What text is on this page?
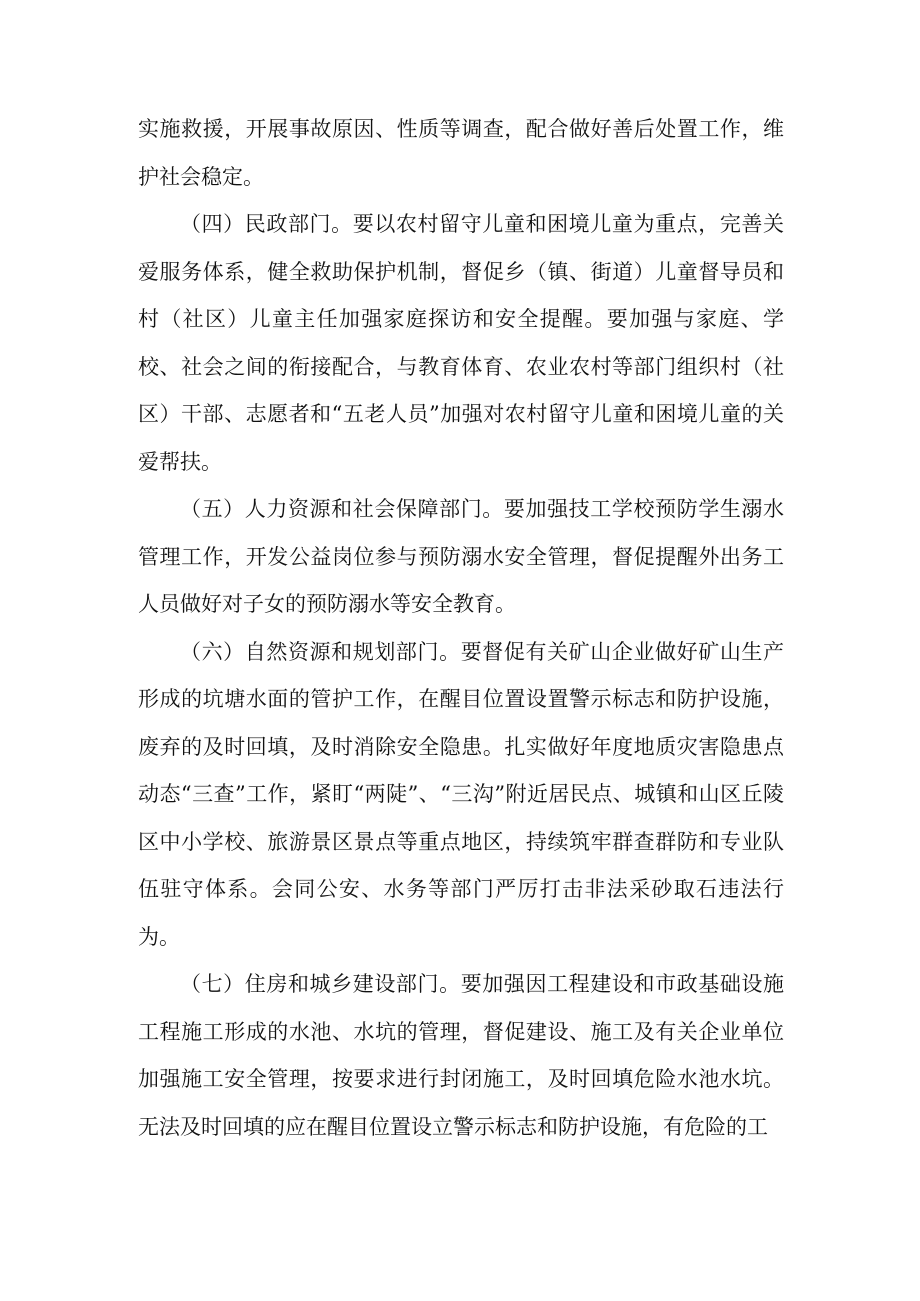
实施救援，开展事故原因、性质等调查，配合做好善后处置工作，维护社会稳定。

（四）民政部门。要以农村留守儿童和困境儿童为重点，完善关爱服务体系，健全救助保护机制，督促乡（镇、街道）儿童督导员和村（社区）儿童主任加强家庭探访和安全提醒。要加强与家庭、学校、社会之间的衔接配合，与教育体育、农业农村等部门组织村（社区）干部、志愿者和“五老人员”加强对农村留守儿童和困境儿童的关爱帮扶。

（五）人力资源和社会保障部门。要加强技工学校预防学生溺水管理工作，开发公益岗位参与预防溺水安全管理，督促提醒外出务工人员做好对子女的预防溺水等安全教育。

（六）自然资源和规划部门。要督促有关矿山企业做好矿山生产形成的坑塘水面的管护工作，在醒目位置设置警示标志和防护设施，废弃的及时回填，及时消除安全隐患。扎实做好年度地质灾害隐患点动态“三查”工作，紧盯“两陡”、“三沟”附近居民点、城镇和山区丘陵区中小学校、旅游景区景点等重点地区，持续筑牢群查群防和专业队伍驻守体系。会同公安、水务等部门严厉打击非法采砂取石违法行为。

（七）住房和城乡建设部门。要加强因工程建设和市政基础设施工程施工形成的水池、水坑的管理，督促建设、施工及有关企业单位加强施工安全管理，按要求进行封闭施工，及时回填危险水池水坑。无法及时回填的应在醒目位置设立警示标志和防护设施，有危险的工
